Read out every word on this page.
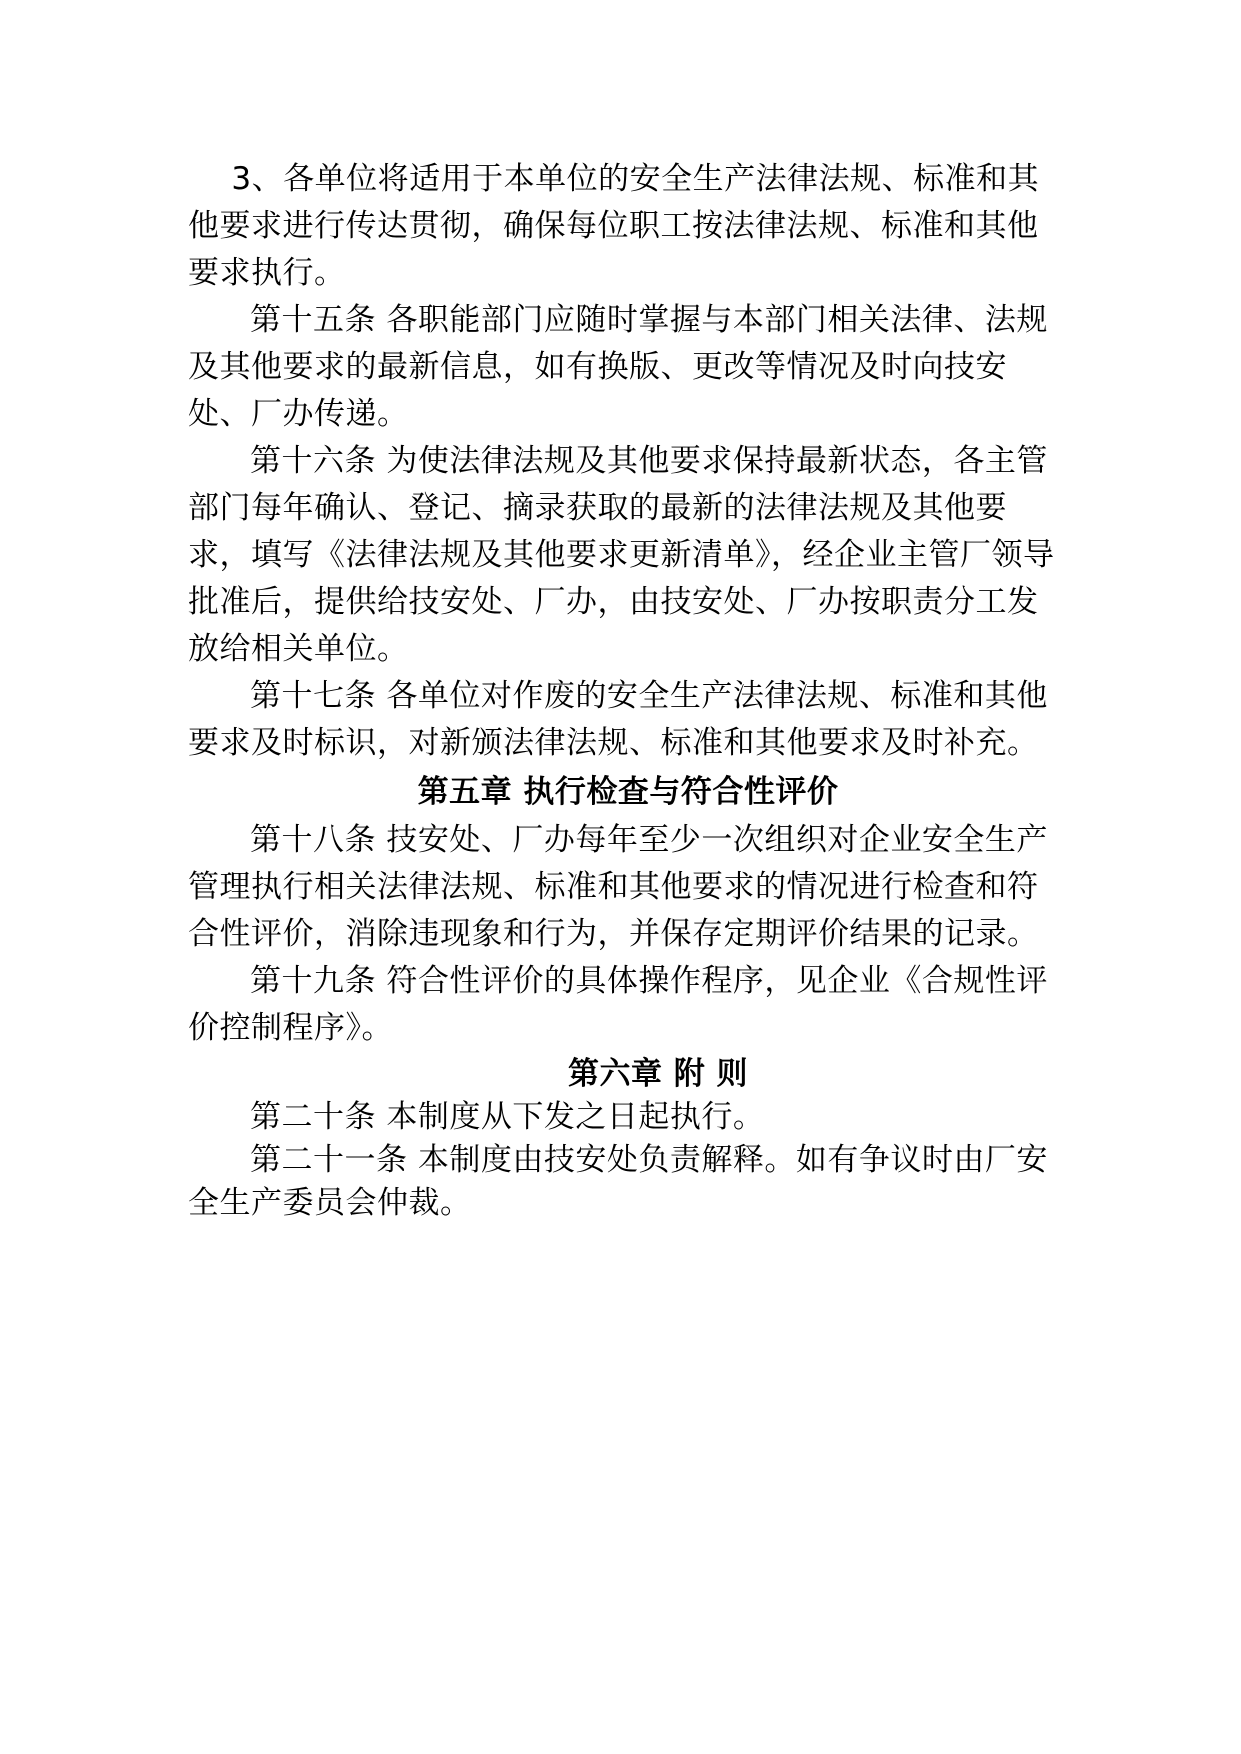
3、各单位将适用于本单位的安全生产法律法规、标准和其他要求进行传达贯彻，确保每位职工按法律法规、标准和其他要求执行。

第十五条 各职能部门应随时掌握与本部门相关法律、法规及其他要求的最新信息，如有换版、更改等情况及时向技安处、厂办传递。

第十六条 为使法律法规及其他要求保持最新状态，各主管部门每年确认、登记、摘录获取的最新的法律法规及其他要求，填写《法律法规及其他要求更新清单》，经企业主管厂领导批准后，提供给技安处、厂办，由技安处、厂办按职责分工发放给相关单位。

第十七条 各单位对作废的安全生产法律法规、标准和其他要求及时标识，对新颁法律法规、标准和其他要求及时补充。

第五章 执行检查与符合性评价

第十八条 技安处、厂办每年至少一次组织对企业安全生产管理执行相关法律法规、标准和其他要求的情况进行检查和符合性评价，消除违现象和行为，并保存定期评价结果的记录。

第十九条 符合性评价的具体操作程序，见企业《合规性评价控制程序》。

第六章 附 则

第二十条 本制度从下发之日起执行。

第二十一条 本制度由技安处负责解释。如有争议时由厂安全生产委员会仲裁。
